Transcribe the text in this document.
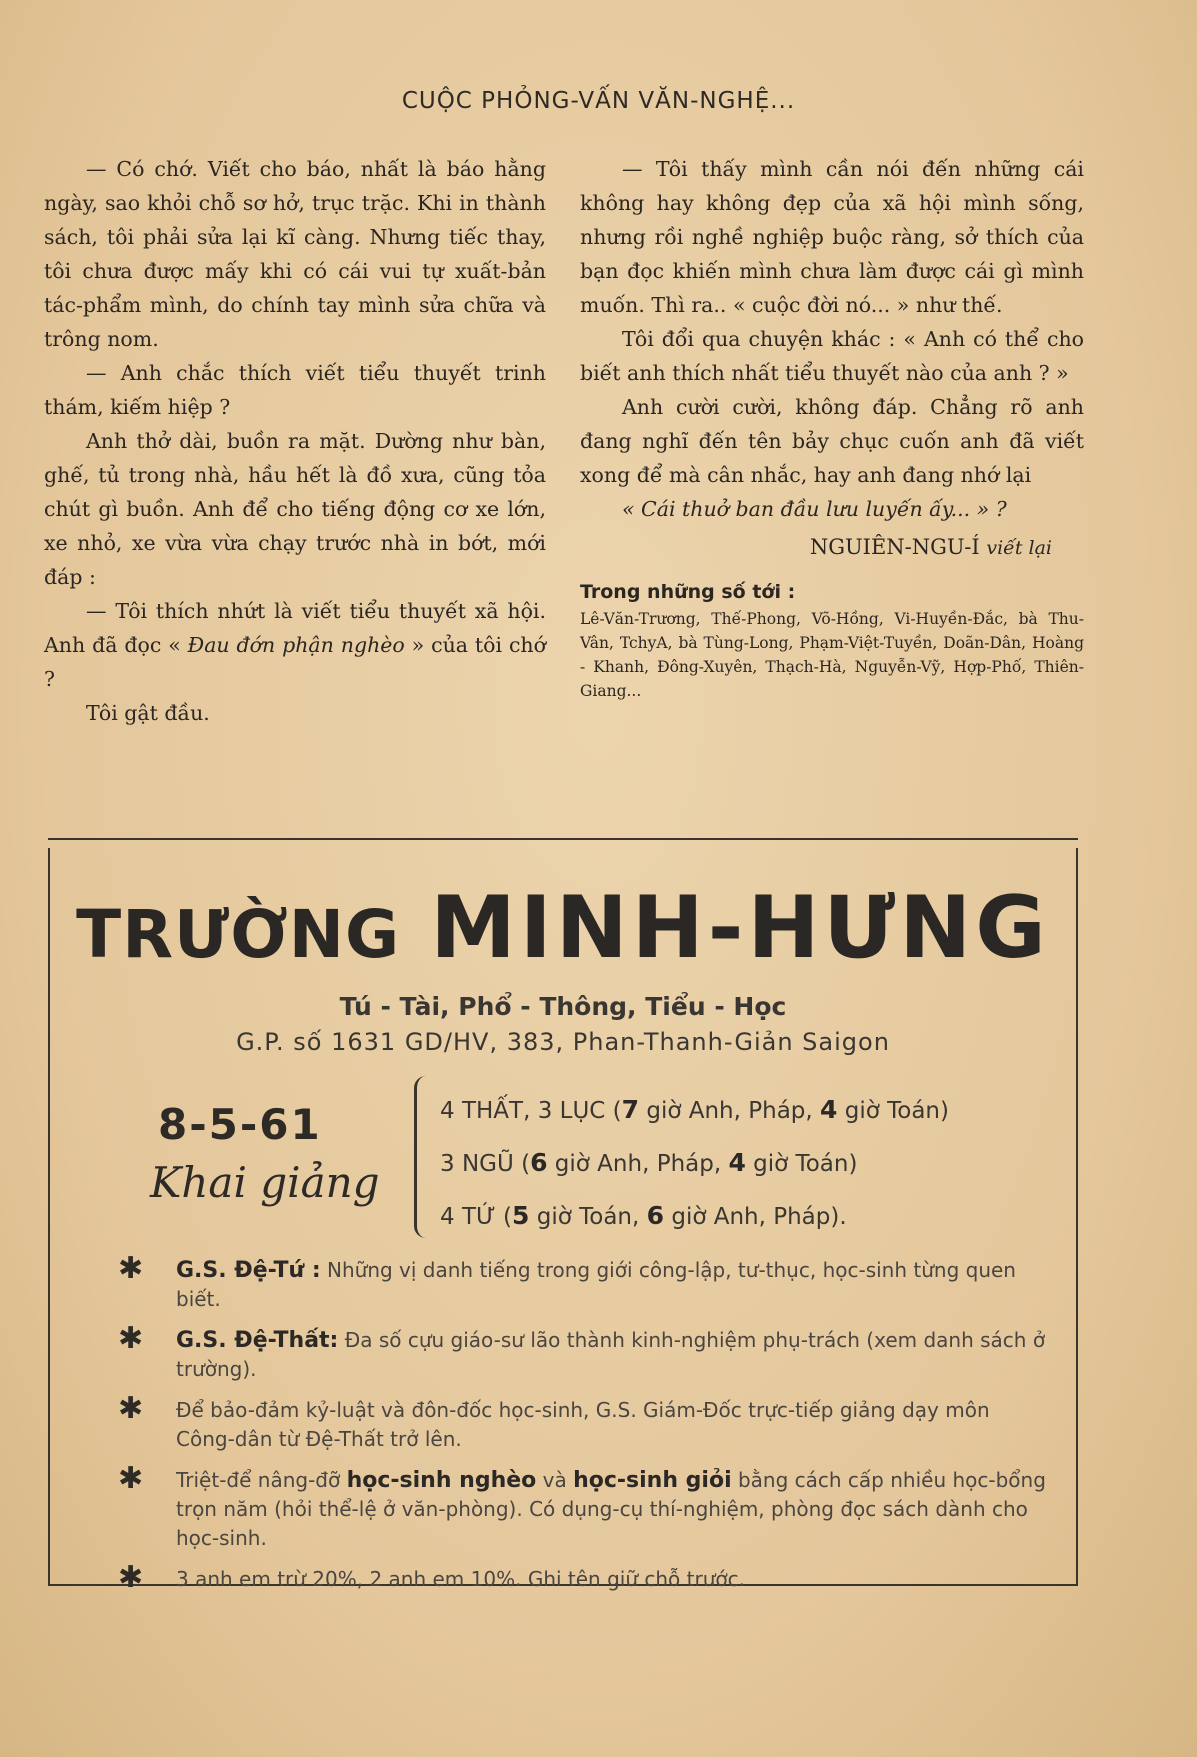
CUỘC PHỎNG-VẤN VĂN-NGHỆ...

— Có chớ. Viết cho báo, nhất là báo hằng ngày, sao khỏi chỗ sơ hở, trục trặc. Khi in thành sách, tôi phải sửa lại kĩ càng. Nhưng tiếc thay, tôi chưa được mấy khi có cái vui tự xuất-bản tác-phẩm mình, do chính tay mình sửa chữa và trông nom.

— Anh chắc thích viết tiểu thuyết trinh thám, kiếm hiệp ?

Anh thở dài, buồn ra mặt. Dường như bàn, ghế, tủ trong nhà, hầu hết là đồ xưa, cũng tỏa chút gì buồn. Anh để cho tiếng động cơ xe lớn, xe nhỏ, xe vừa vừa chạy trước nhà in bớt, mới đáp :

— Tôi thích nhứt là viết tiểu thuyết xã hội. Anh đã đọc « Đau đớn phận nghèo » của tôi chớ ?

Tôi gật đầu.

— Tôi thấy mình cần nói đến những cái không hay không đẹp của xã hội mình sống, nhưng rồi nghề nghiệp buộc ràng, sở thích của bạn đọc khiến mình chưa làm được cái gì mình muốn. Thì ra.. « cuộc đời nó... » như thế.

Tôi đổi qua chuyện khác : « Anh có thể cho biết anh thích nhất tiểu thuyết nào của anh ? »

Anh cười cười, không đáp. Chẳng rõ anh đang nghĩ đến tên bảy chục cuốn anh đã viết xong để mà cân nhắc, hay anh đang nhớ lại

« Cái thuở ban đầu lưu luyến ấy... » ?

NGUIÊN-NGU-Í viết lại
Trong những số tới :
Lê-Văn-Trương, Thế-Phong, Võ-Hồng, Vi-Huyền-Đắc, bà Thu-Vân, TchyA, bà Tùng-Long, Phạm-Việt-Tuyền, Doãn-Dân, Hoàng - Khanh, Đông-Xuyên, Thạch-Hà, Nguyễn-Vỹ, Hợp-Phố, Thiên-Giang...
TRƯỜNG MINH-HƯNG
Tú - Tài, Phổ - Thông, Tiểu - Học
G.P. số 1631 GD/HV, 383, Phan-Thanh-Giản Saigon
8-5-61
Khai giảng
4 THẤT, 3 LỤC (7 giờ Anh, Pháp, 4 giờ Toán)
3 NGŨ (6 giờ Anh, Pháp, 4 giờ Toán)
4 TỨ (5 giờ Toán, 6 giờ Anh, Pháp).
✱ G.S. Đệ-Tứ : Những vị danh tiếng trong giới công-lập, tư-thục, học-sinh từng quen biết.
✱ G.S. Đệ-Thất: Đa số cựu giáo-sư lão thành kinh-nghiệm phụ-trách (xem danh sách ở trường).
✱ Để bảo-đảm kỷ-luật và đôn-đốc học-sinh, G.S. Giám-Đốc trực-tiếp giảng dạy môn Công-dân từ Đệ-Thất trở lên.
✱ Triệt-để nâng-đỡ học-sinh nghèo và học-sinh giỏi bằng cách cấp nhiều học-bổng trọn năm (hỏi thể-lệ ở văn-phòng). Có dụng-cụ thí-nghiệm, phòng đọc sách dành cho học-sinh.
✱ 3 anh em trừ 20%, 2 anh em 10%. Ghi tên giữ chỗ trước.
